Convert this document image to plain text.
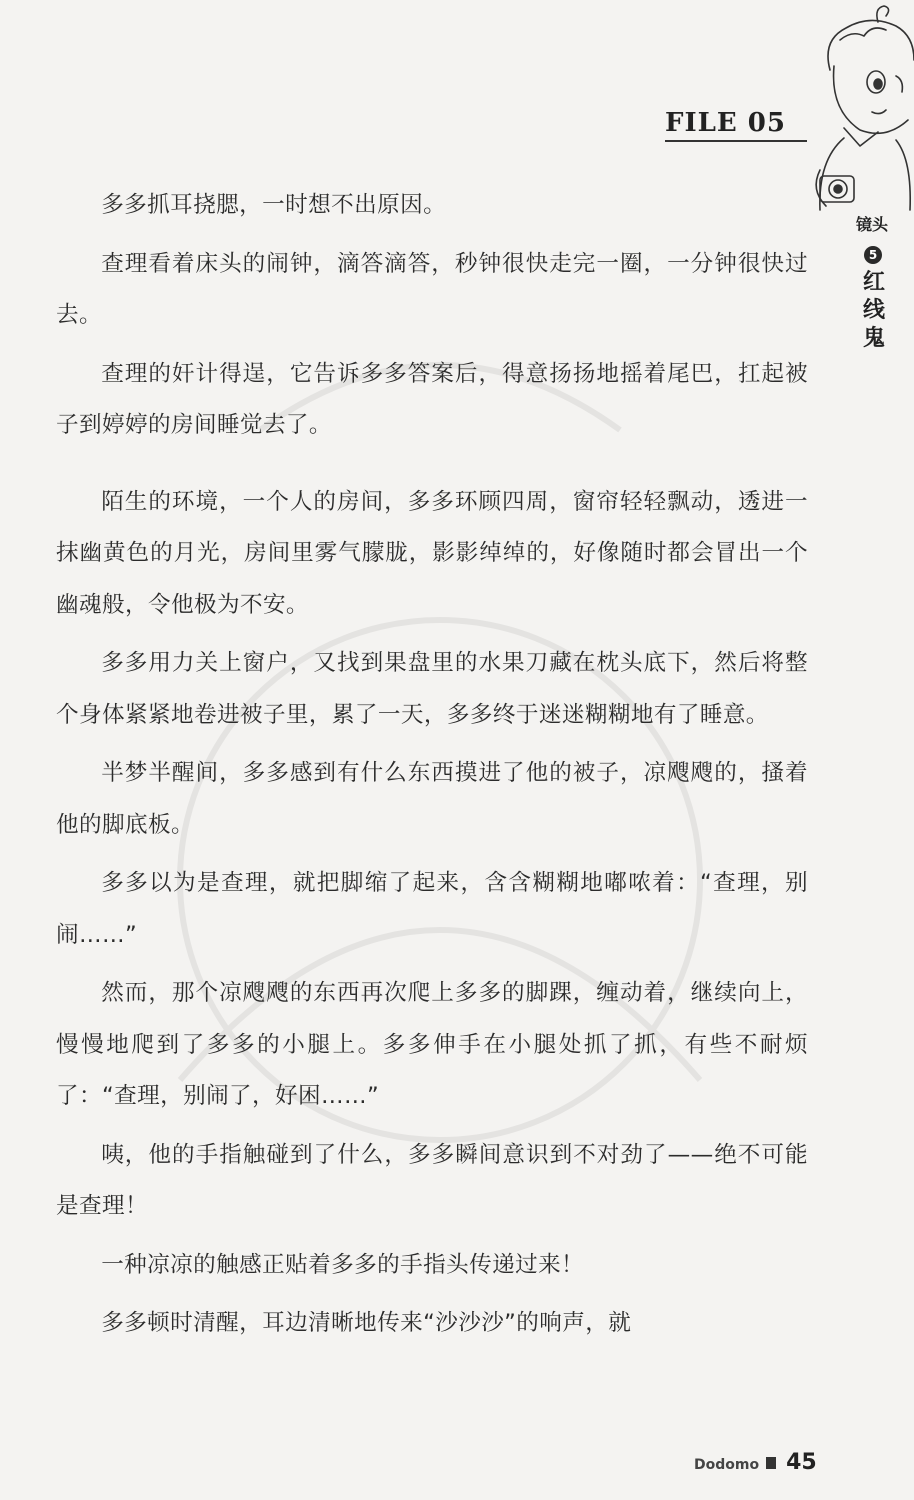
FILE 05
镜头
5
红线鬼

多多抓耳挠腮，一时想不出原因。

查理看着床头的闹钟，滴答滴答，秒钟很快走完一圈，一分钟很快过去。

查理的奸计得逞，它告诉多多答案后，得意扬扬地摇着尾巴，扛起被子到婷婷的房间睡觉去了。

陌生的环境，一个人的房间，多多环顾四周，窗帘轻轻飘动，透进一抹幽黄色的月光，房间里雾气朦胧，影影绰绰的，好像随时都会冒出一个幽魂般，令他极为不安。

多多用力关上窗户，又找到果盘里的水果刀藏在枕头底下，然后将整个身体紧紧地卷进被子里，累了一天，多多终于迷迷糊糊地有了睡意。

半梦半醒间，多多感到有什么东西摸进了他的被子，凉飕飕的，搔着他的脚底板。

多多以为是查理，就把脚缩了起来，含含糊糊地嘟哝着：“查理，别闹……”

然而，那个凉飕飕的东西再次爬上多多的脚踝，缠动着，继续向上，慢慢地爬到了多多的小腿上。多多伸手在小腿处抓了抓，有些不耐烦了：“查理，别闹了，好困……”

咦，他的手指触碰到了什么，多多瞬间意识到不对劲了——绝不可能是查理！

一种凉凉的触感正贴着多多的手指头传递过来！

多多顿时清醒，耳边清晰地传来“沙沙沙”的响声，就

Dodomo 45
